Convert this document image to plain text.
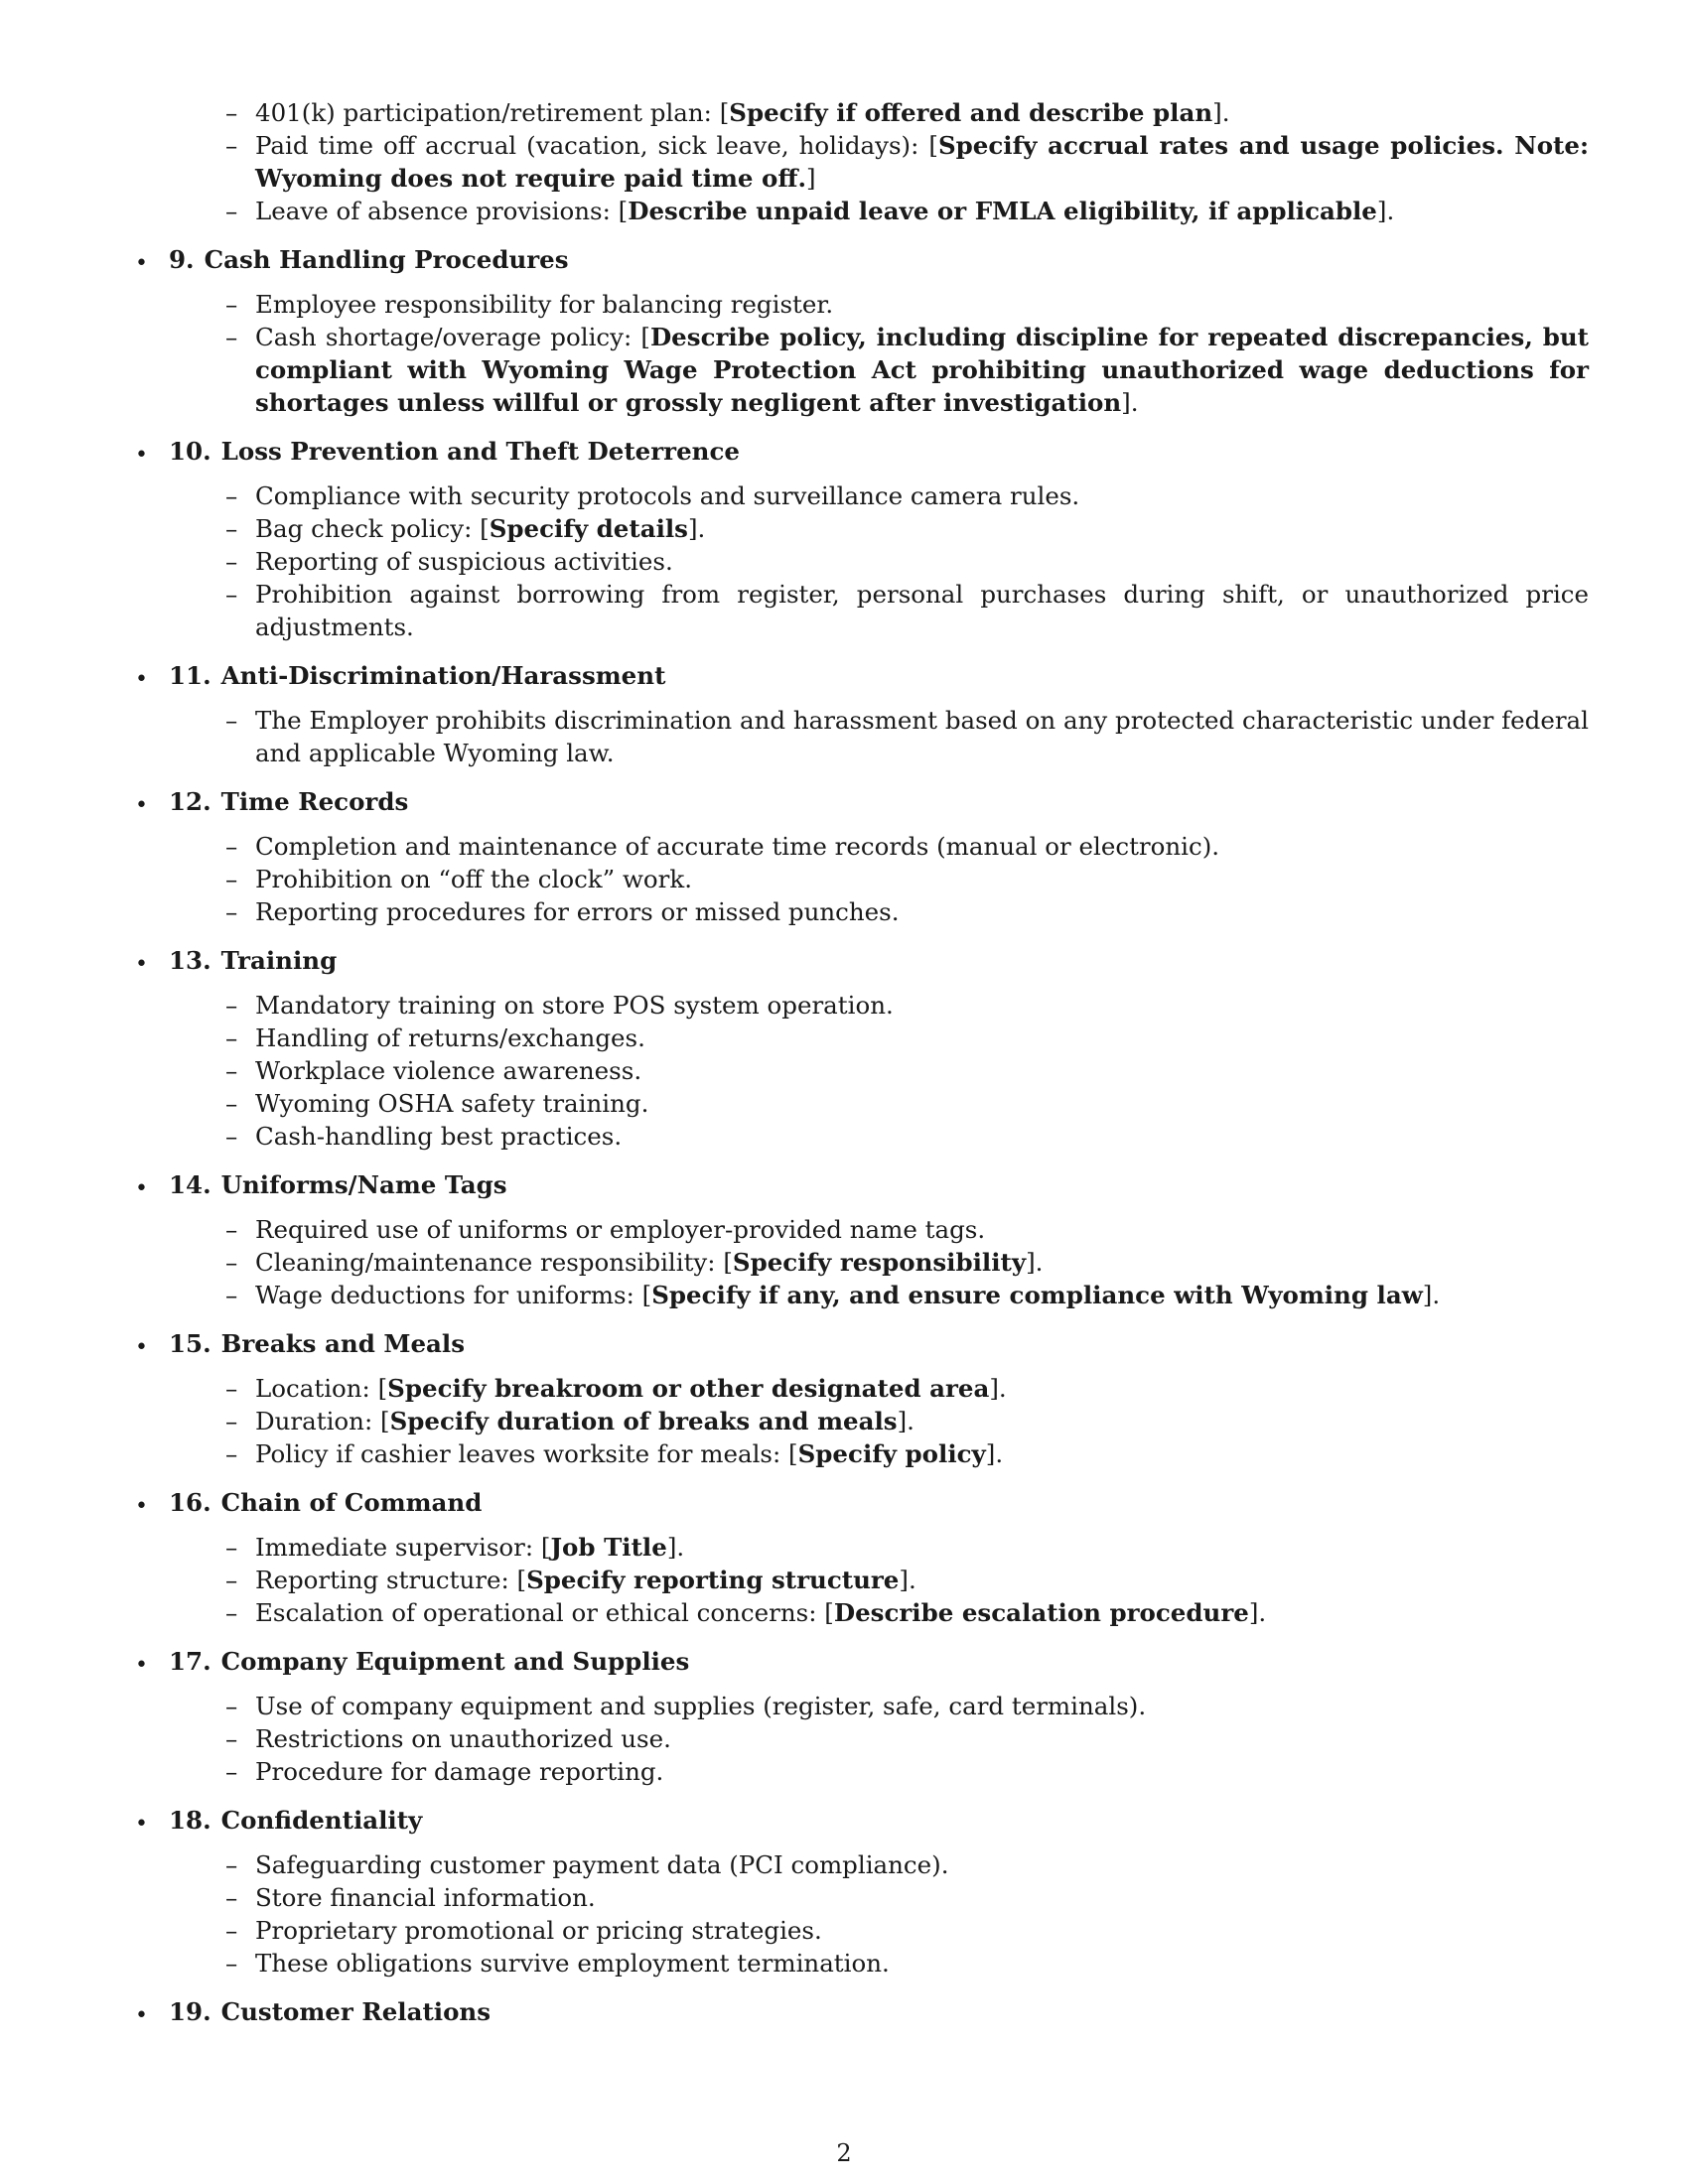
– 401(k) participation/retirement plan: [Specify if offered and describe plan].
– Paid time off accrual (vacation, sick leave, holidays): [Specify accrual rates and usage policies. Note: Wyoming does not require paid time off.]
– Leave of absence provisions: [Describe unpaid leave or FMLA eligibility, if applicable].
• 9. Cash Handling Procedures
– Employee responsibility for balancing register.
– Cash shortage/overage policy: [Describe policy, including discipline for repeated discrepancies, but compliant with Wyoming Wage Protection Act prohibiting unauthorized wage deductions for shortages unless willful or grossly negligent after investigation].
• 10. Loss Prevention and Theft Deterrence
– Compliance with security protocols and surveillance camera rules.
– Bag check policy: [Specify details].
– Reporting of suspicious activities.
– Prohibition against borrowing from register, personal purchases during shift, or unauthorized price adjustments.
• 11. Anti-Discrimination/Harassment
– The Employer prohibits discrimination and harassment based on any protected characteristic under federal and applicable Wyoming law.
• 12. Time Records
– Completion and maintenance of accurate time records (manual or electronic).
– Prohibition on “off the clock” work.
– Reporting procedures for errors or missed punches.
• 13. Training
– Mandatory training on store POS system operation.
– Handling of returns/exchanges.
– Workplace violence awareness.
– Wyoming OSHA safety training.
– Cash-handling best practices.
• 14. Uniforms/Name Tags
– Required use of uniforms or employer-provided name tags.
– Cleaning/maintenance responsibility: [Specify responsibility].
– Wage deductions for uniforms: [Specify if any, and ensure compliance with Wyoming law].
• 15. Breaks and Meals
– Location: [Specify breakroom or other designated area].
– Duration: [Specify duration of breaks and meals].
– Policy if cashier leaves worksite for meals: [Specify policy].
• 16. Chain of Command
– Immediate supervisor: [Job Title].
– Reporting structure: [Specify reporting structure].
– Escalation of operational or ethical concerns: [Describe escalation procedure].
• 17. Company Equipment and Supplies
– Use of company equipment and supplies (register, safe, card terminals).
– Restrictions on unauthorized use.
– Procedure for damage reporting.
• 18. Confidentiality
– Safeguarding customer payment data (PCI compliance).
– Store financial information.
– Proprietary promotional or pricing strategies.
– These obligations survive employment termination.
• 19. Customer Relations
2
